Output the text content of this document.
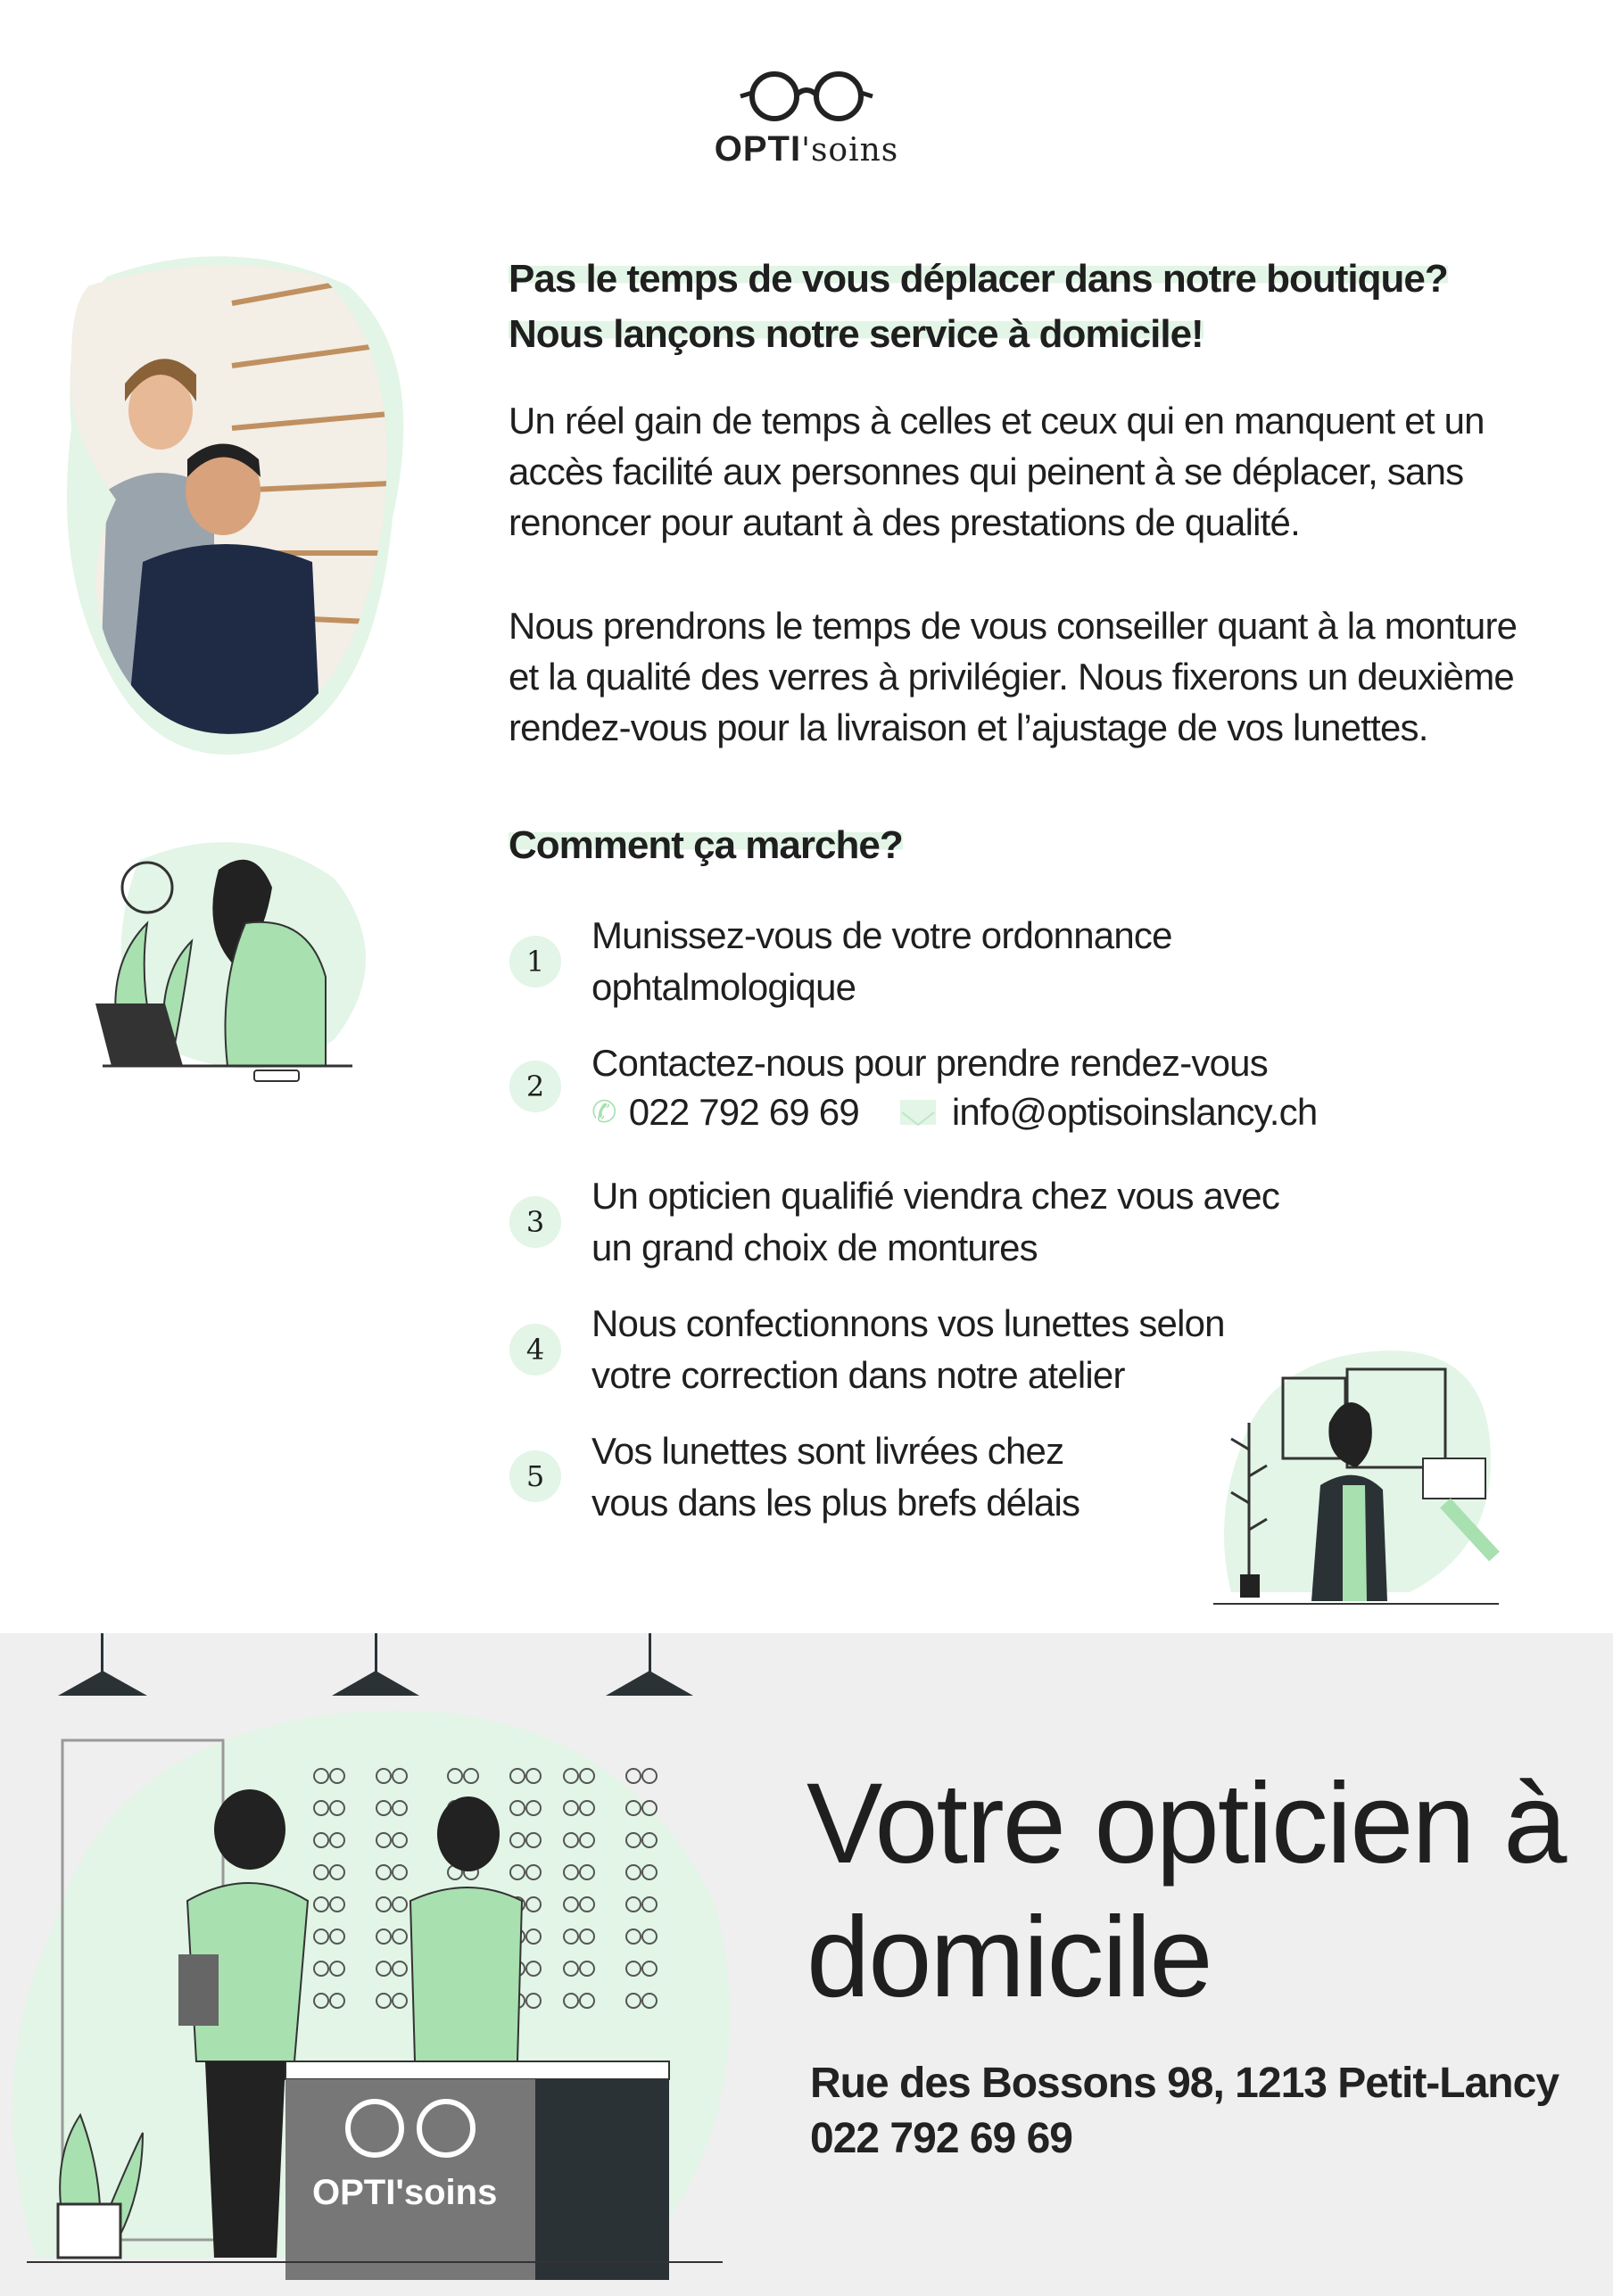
OPTI'soins
Pas le temps de vous déplacer dans notre boutique?
Nous lançons notre service à domicile!
Un réel gain de temps à celles et ceux qui en manquent et un
accès facilité aux personnes qui peinent à se déplacer, sans
renoncer pour autant à des prestations de qualité.
Nous prendrons le temps de vous conseiller quant à la monture
et la qualité des verres à privilégier. Nous fixerons un deuxième
rendez-vous pour la livraison et l’ajustage de vos lunettes.
Comment ça marche?
1
Munissez-vous de votre ordonnance
ophtalmologique
2
Contactez-nous pour prendre rendez-vous
✆ 022 792 69 69 info@optisoinslancy.ch
3
Un opticien qualifié viendra chez vous avec
un grand choix de montures
4
Nous confectionnons vos lunettes selon
votre correction dans notre atelier
5
Vos lunettes sont livrées chez
vous dans les plus brefs délais
OPTI'soins
Votre opticien à
domicile
Rue des Bossons 98, 1213 Petit-Lancy
022 792 69 69
